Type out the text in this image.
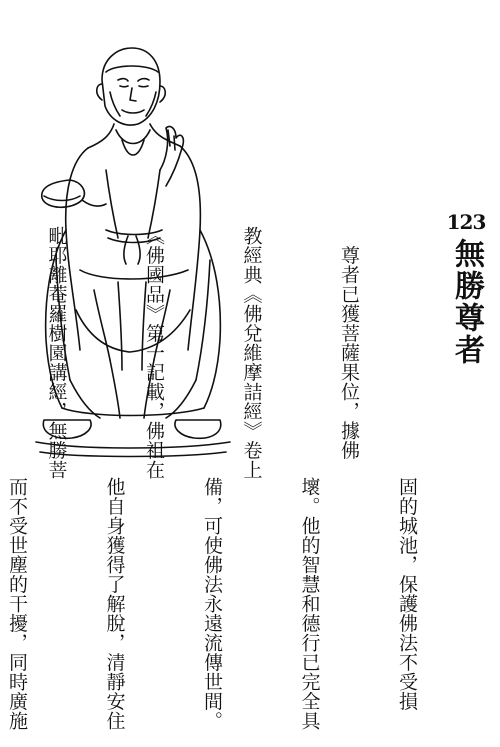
123
無勝尊者

　尊者已獲菩薩果位，據佛

教經典《佛兌維摩詰經》卷上

《佛國品》第一記載，佛祖在

毗耶離菴羅樹園講經，無勝菩

固的城池，保護佛法不受損

壞。他的智慧和德行已完全具

備，可使佛法永遠流傳世間。

他自身獲得了解脫，清靜安住

而不受世塵的干擾，同時廣施
